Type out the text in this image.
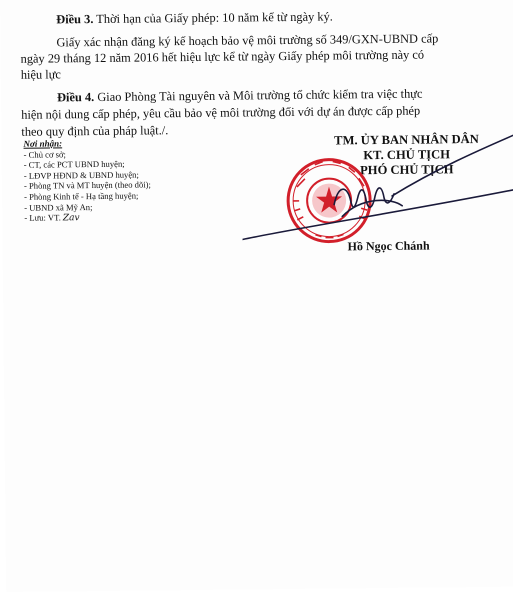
Điều 3. Thời hạn của Giấy phép: 10 năm kể từ ngày ký.
Giấy xác nhận đăng ký kế hoạch bảo vệ môi trường số 349/GXN-UBND cấp
ngày 29 tháng 12 năm 2016 hết hiệu lực kể từ ngày Giấy phép môi trường này có
hiệu lực
Điều 4. Giao Phòng Tài nguyên và Môi trường tổ chức kiểm tra việc thực
hiện nội dung cấp phép, yêu cầu bảo vệ môi trường đối với dự án được cấp phép
theo quy định của pháp luật./.
Nơi nhận:
- Chủ cơ sở;
- CT, các PCT UBND huyện;
- LĐVP HĐND & UBND huyện;
- Phòng TN và MT huyện (theo dõi);
- Phòng Kinh tế - Hạ tầng huyện;
- UBND xã Mỹ An;
- Lưu: VT. Zav
TM. ỦY BAN NHÂN DÂN
KT. CHỦ TỊCH
PHÓ CHỦ TỊCH
Hồ Ngọc Chánh
